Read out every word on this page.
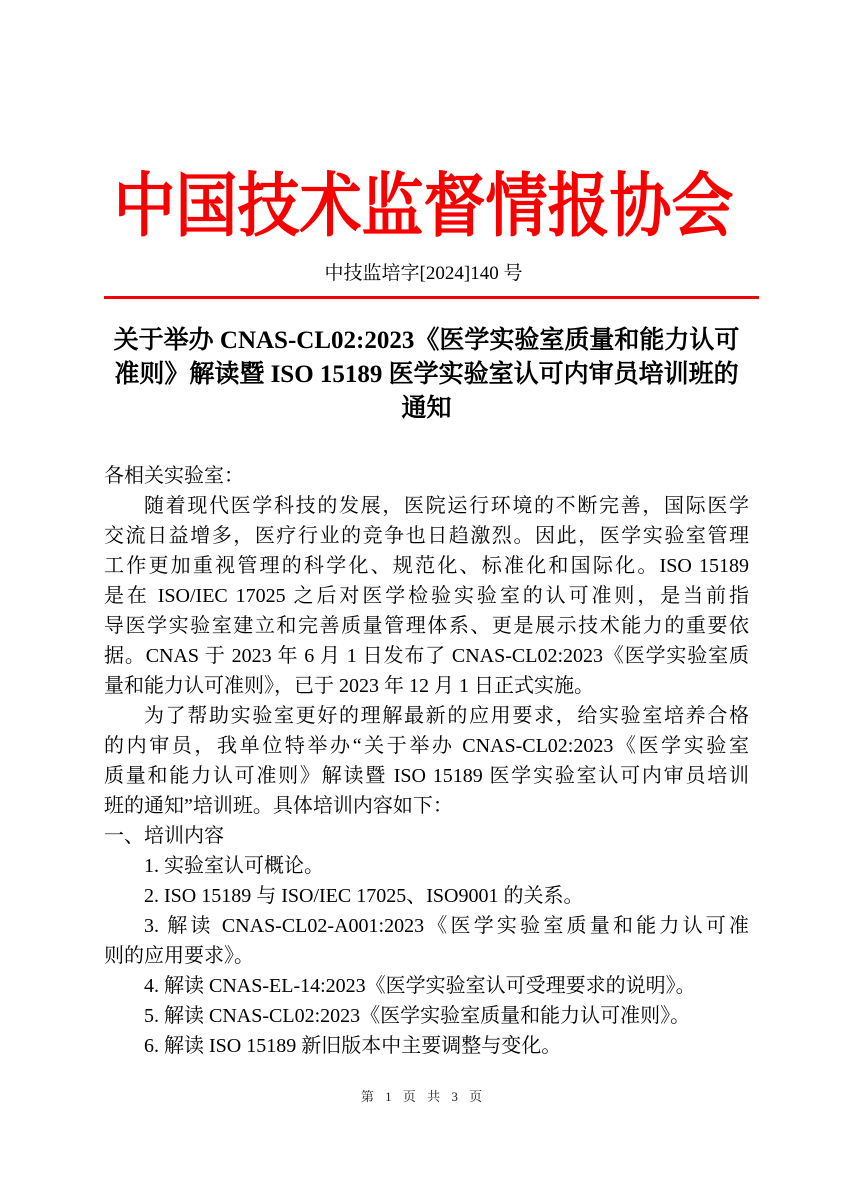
中国技术监督情报协会
中技监培字[2024]140 号
关于举办 CNAS-CL02:2023《医学实验室质量和能力认可
准则》解读暨 ISO 15189 医学实验室认可内审员培训班的
通知
各相关实验室：
随着现代医学科技的发展，医院运行环境的不断完善，国际医学
交流日益增多，医疗行业的竞争也日趋激烈。因此，医学实验室管理
工作更加重视管理的科学化、规范化、标准化和国际化。ISO 15189
是在 ISO/IEC 17025 之后对医学检验实验室的认可准则，是当前指
导医学实验室建立和完善质量管理体系、更是展示技术能力的重要依
据。CNAS 于 2023 年 6 月 1 日发布了 CNAS-CL02:2023《医学实验室质
量和能力认可准则》，已于 2023 年 12 月 1 日正式实施。
为了帮助实验室更好的理解最新的应用要求，给实验室培养合格
的内审员，我单位特举办“关于举办 CNAS-CL02:2023《医学实验室
质量和能力认可准则》解读暨 ISO 15189 医学实验室认可内审员培训
班的通知”培训班。具体培训内容如下：
一、培训内容
1. 实验室认可概论。
2. ISO 15189 与 ISO/IEC 17025、ISO9001 的关系。
3. 解读 CNAS-CL02-A001:2023《医学实验室质量和能力认可准
则的应用要求》。
4. 解读 CNAS-EL-14:2023《医学实验室认可受理要求的说明》。
5. 解读 CNAS-CL02:2023《医学实验室质量和能力认可准则》。
6. 解读 ISO 15189 新旧版本中主要调整与变化。
第 1 页 共 3 页
